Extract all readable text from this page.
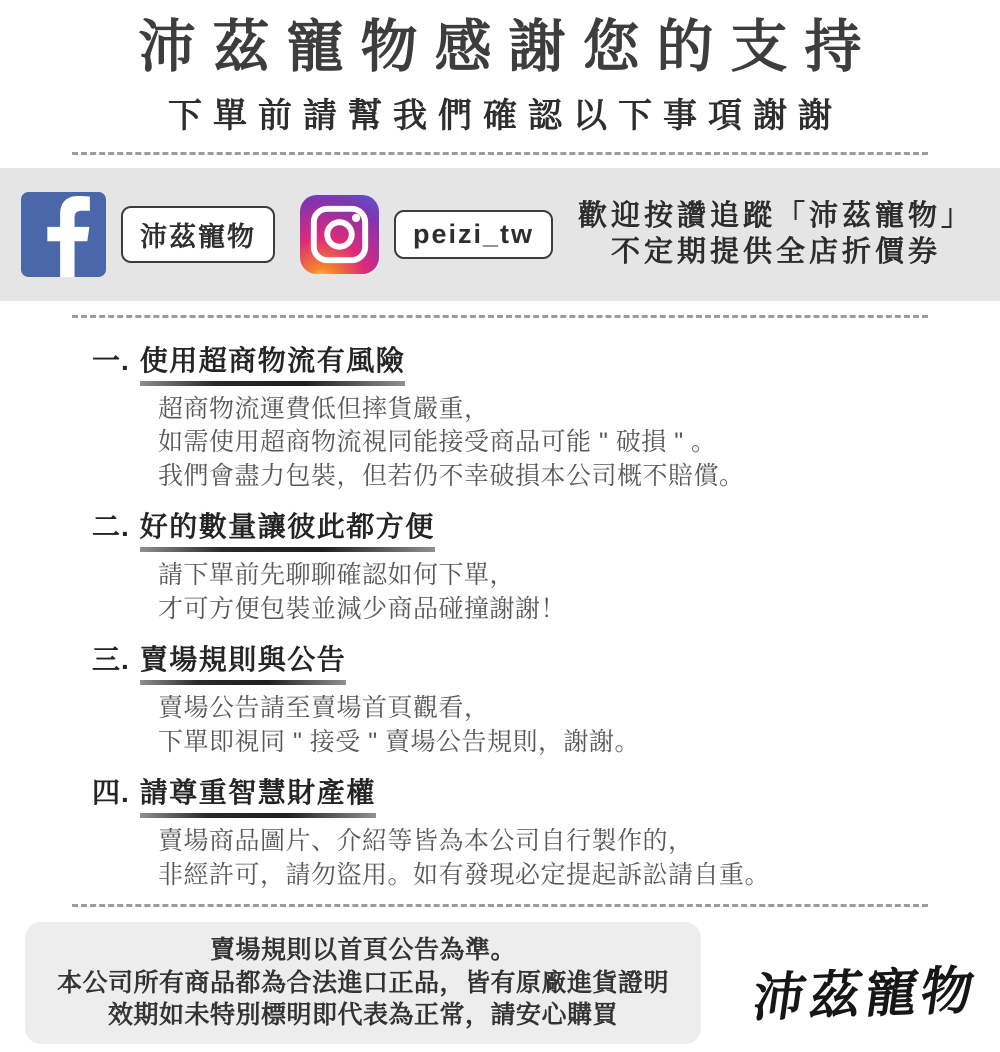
沛茲寵物感謝您的支持
下單前請幫我們確認以下事項謝謝
沛茲寵物	peizi_tw
歡迎按讚追蹤「沛茲寵物」
不定期提供全店折價券
一. 使用超商物流有風險
超商物流運費低但摔貨嚴重，
如需使用超商物流視同能接受商品可能 " 破損 " 。
我們會盡力包裝，但若仍不幸破損本公司概不賠償。
二. 好的數量讓彼此都方便
請下單前先聊聊確認如何下單，
才可方便包裝並減少商品碰撞謝謝！
三. 賣場規則與公告
賣場公告請至賣場首頁觀看，
下單即視同 " 接受 " 賣場公告規則，謝謝。
四. 請尊重智慧財產權
賣場商品圖片、介紹等皆為本公司自行製作的，
非經許可，請勿盜用。如有發現必定提起訴訟請自重。
賣場規則以首頁公告為準。
本公司所有商品都為合法進口正品，皆有原廠進貨證明
效期如未特別標明即代表為正常，請安心購買	沛茲寵物
